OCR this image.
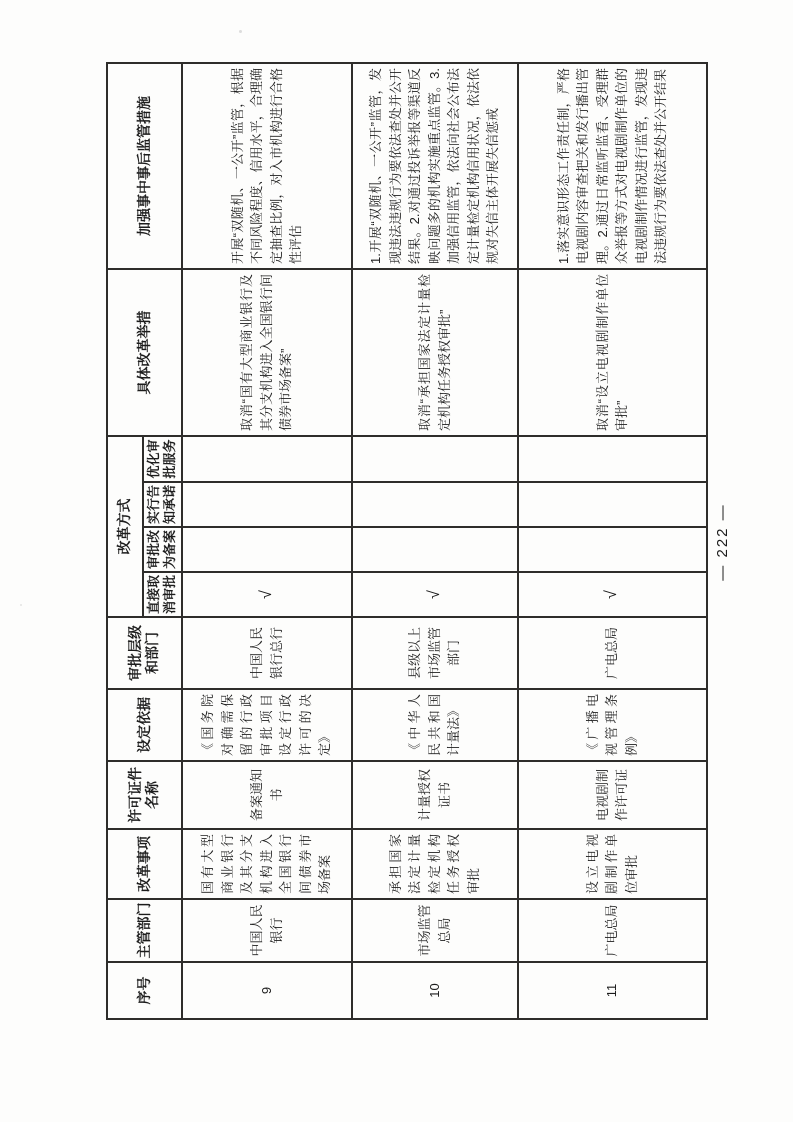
序号	主管部门	改革事项	许可证件名称	设定依据	审批层级和部门	改革方式				具体改革举措	加强事中事后监管措施
						直接取消审批	审批改为备案	实行告知承诺	优化审批服务		
9	中国人民银行	国有大型商业银行及其分支机构进入全国银行间债券市场备案	备案通知书	《国务院对确需保留的行政审批项目设定行政许可的决定》	中国人民银行总行	√				取消“国有大型商业银行及其分支机构进入全国银行间债券市场备案”	开展“双随机、一公开”监管，根据不同风险程度、信用水平，合理确定抽查比例，对入市机构进行合格性评估
10	市场监管总局	承担国家法定计量检定机构任务授权审批	计量授权证书	《中华人民共和国计量法》	县级以上市场监管部门	√				取消“承担国家法定计量检定机构任务授权审批”	1.开展“双随机、一公开”监管，发现违法违规行为要依法查处并公开结果。2.对通过投诉举报等渠道反映问题多的机构实施重点监管。3.加强信用监管，依法向社会公布法定计量检定机构信用状况，依法依规对失信主体开展失信惩戒
11	广电总局	设立电视剧制作单位审批	电视剧制作许可证	《广播电视管理条例》	广电总局	√				取消“设立电视剧制作单位审批”	1.落实意识形态工作责任制，严格电视剧内容审查把关和发行播出管理。2.通过日常监听监看、受理群众举报等方式对电视剧制作单位的电视剧制作情况进行监管，发现违法违规行为要依法查处并公开结果
— 222 —
